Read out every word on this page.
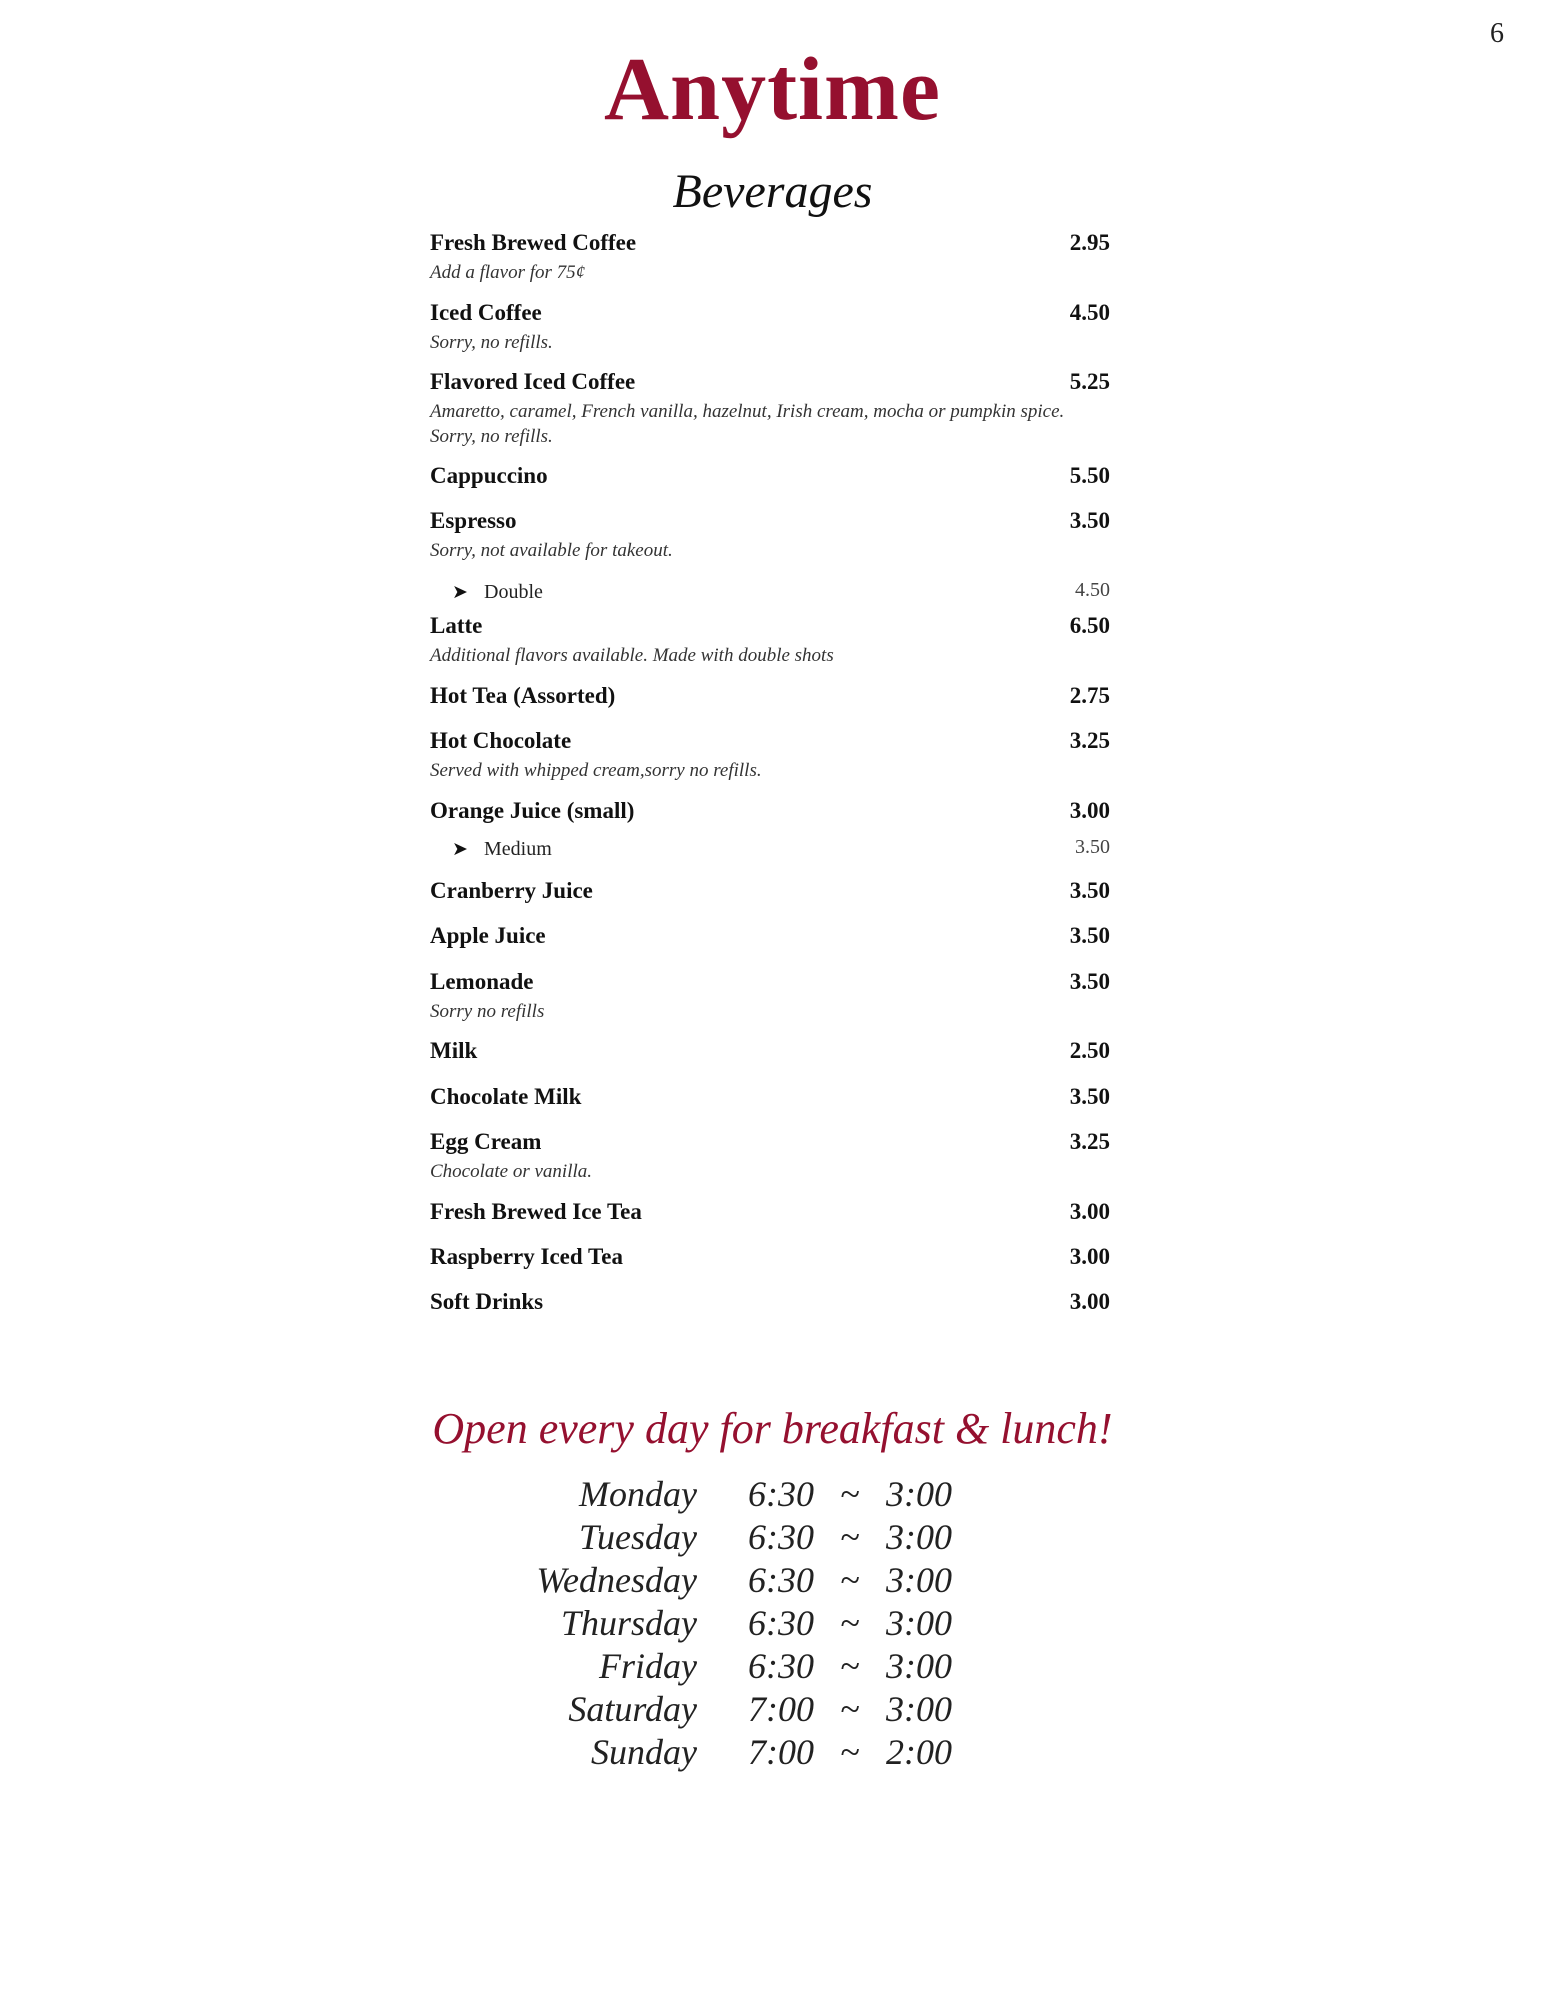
6
Anytime
Beverages
Fresh Brewed Coffee	2.95
Add a flavor for 75¢
Iced Coffee	4.50
Sorry, no refills.
Flavored Iced Coffee	5.25
Amaretto, caramel, French vanilla, hazelnut, Irish cream, mocha or pumpkin spice. Sorry, no refills.
Cappuccino	5.50
Espresso	3.50
Sorry, not available for takeout.
➤ Double	4.50
Latte	6.50
Additional flavors available. Made with double shots
Hot Tea (Assorted)	2.75
Hot Chocolate	3.25
Served with whipped cream,sorry no refills.
Orange Juice (small)	3.00
➤ Medium	3.50
Cranberry Juice	3.50
Apple Juice	3.50
Lemonade	3.50
Sorry no refills
Milk	2.50
Chocolate Milk	3.50
Egg Cream	3.25
Chocolate or vanilla.
Fresh Brewed Ice Tea	3.00
Raspberry Iced Tea	3.00
Soft Drinks	3.00
Open every day for breakfast & lunch!
Monday 6:30 ~ 3:00
Tuesday 6:30 ~ 3:00
Wednesday 6:30 ~ 3:00
Thursday 6:30 ~ 3:00
Friday 6:30 ~ 3:00
Saturday 7:00 ~ 3:00
Sunday 7:00 ~ 2:00
